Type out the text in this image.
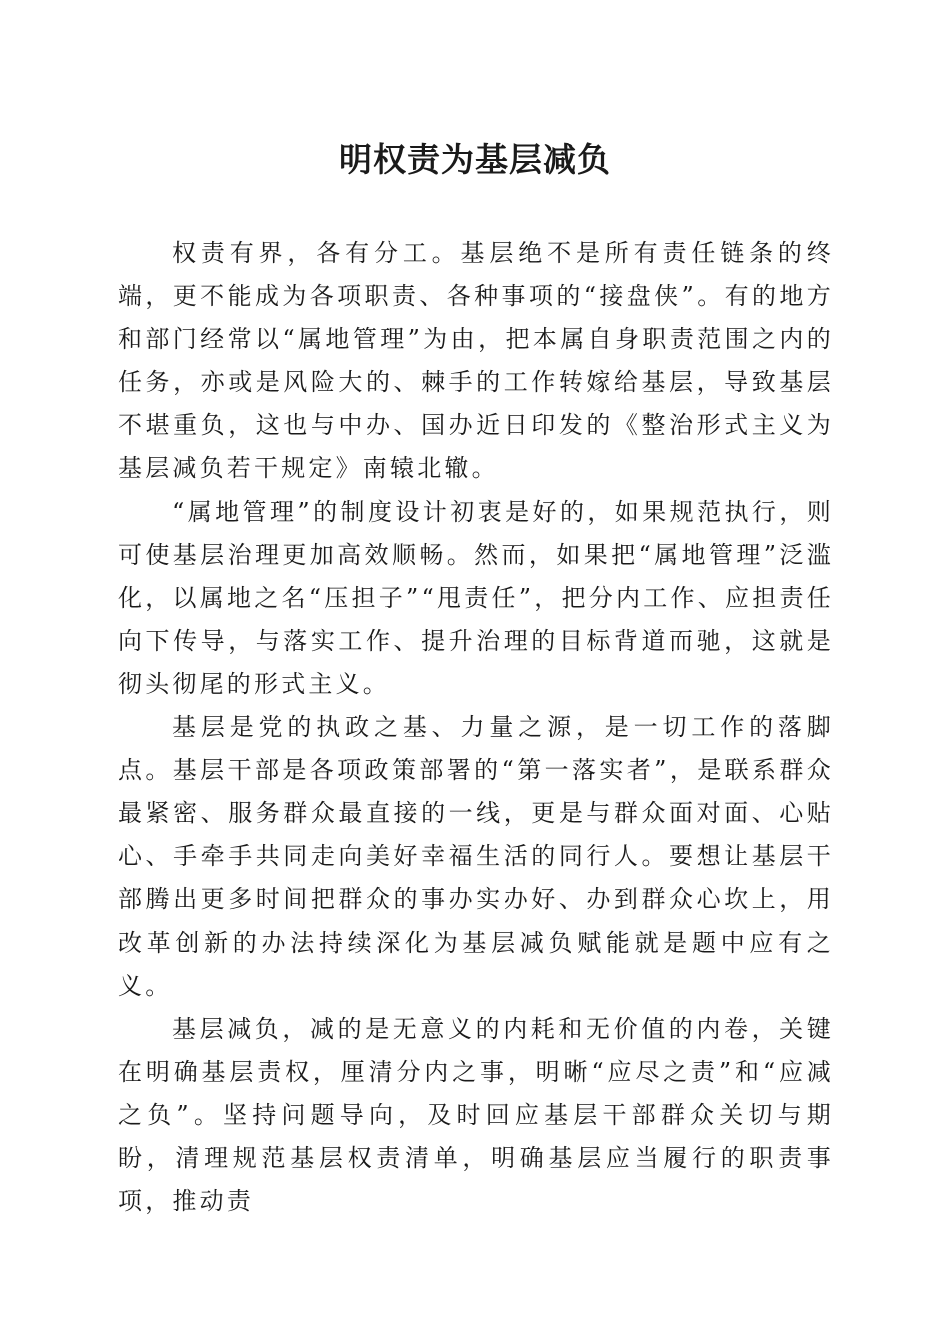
明权责为基层减负

权责有界，各有分工。基层绝不是所有责任链条的终端，更不能成为各项职责、各种事项的“接盘侠”。有的地方和部门经常以“属地管理”为由，把本属自身职责范围之内的任务，亦或是风险大的、棘手的工作转嫁给基层，导致基层不堪重负，这也与中办、国办近日印发的《整治形式主义为基层减负若干规定》南辕北辙。

“属地管理”的制度设计初衷是好的，如果规范执行，则可使基层治理更加高效顺畅。然而，如果把“属地管理”泛滥化，以属地之名“压担子”“甩责任”，把分内工作、应担责任向下传导，与落实工作、提升治理的目标背道而驰，这就是彻头彻尾的形式主义。

基层是党的执政之基、力量之源，是一切工作的落脚点。基层干部是各项政策部署的“第一落实者”，是联系群众最紧密、服务群众最直接的一线，更是与群众面对面、心贴心、手牵手共同走向美好幸福生活的同行人。要想让基层干部腾出更多时间把群众的事办实办好、办到群众心坎上，用改革创新的办法持续深化为基层减负赋能就是题中应有之义。

基层减负，减的是无意义的内耗和无价值的内卷，关键在明确基层责权，厘清分内之事，明晰“应尽之责”和“应减之负”。坚持问题导向，及时回应基层干部群众关切与期盼，清理规范基层权责清单，明确基层应当履行的职责事项，推动责
